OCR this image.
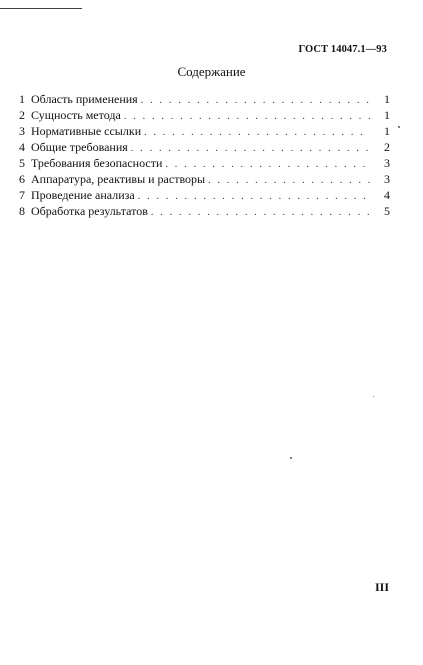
ГОСТ 14047.1—93
Содержание
1 Область применения . . .	1
2 Сущность метода . . .	1
3 Нормативные ссылки . . .	1
4 Общие требования . . .	2
5 Требования безопасности . . .	3
6 Аппаратура, реактивы и растворы . . .	3
7 Проведение анализа . . .	4
8 Обработка результатов . . .	5
III
